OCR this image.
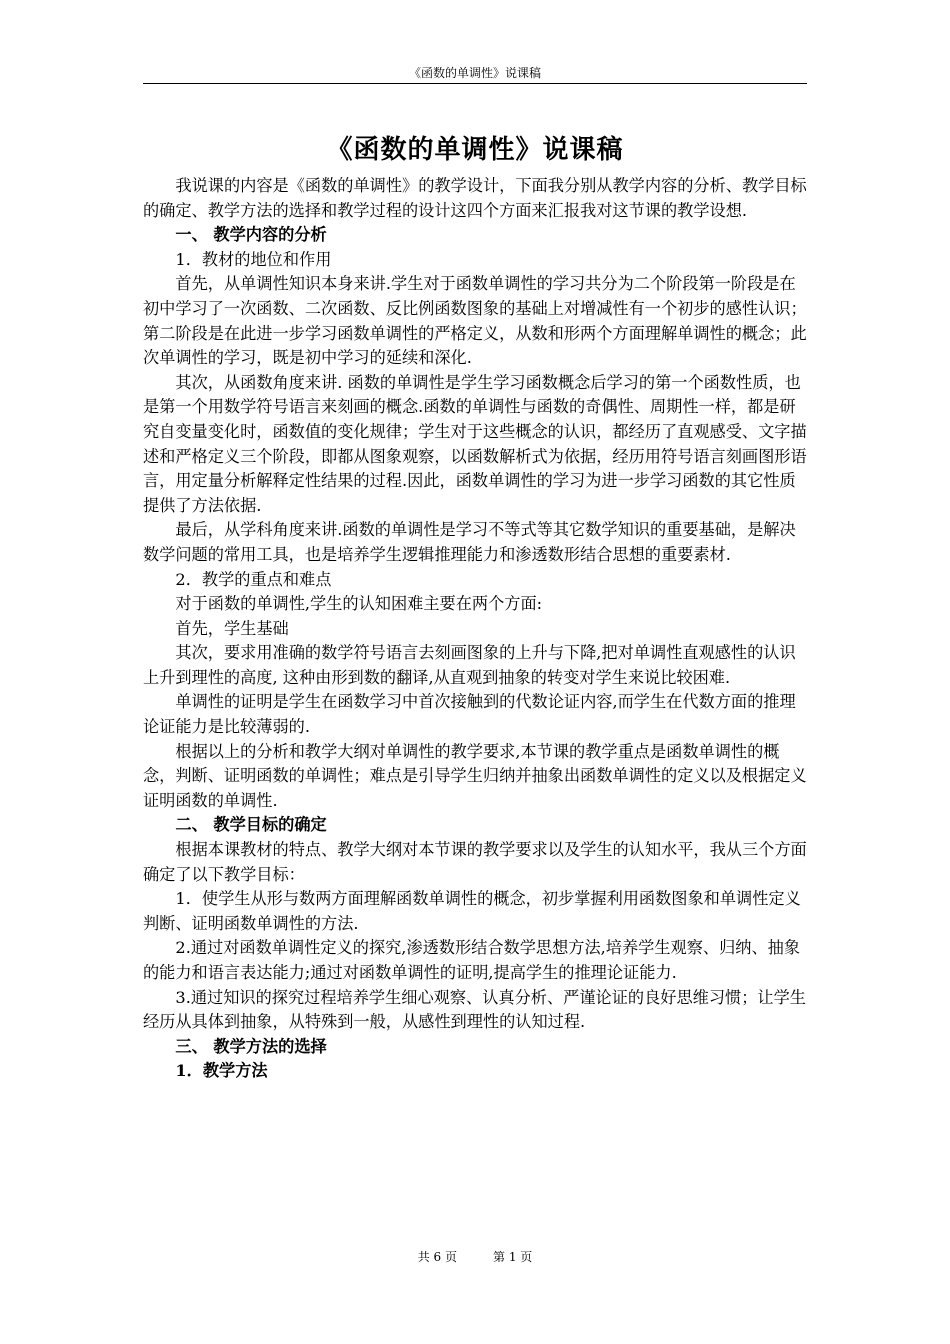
《函数的单调性》说课稿
《函数的单调性》说课稿

我说课的内容是《函数的单调性》的教学设计，下面我分别从教学内容的分析、教学目标的确定、教学方法的选择和教学过程的设计这四个方面来汇报我对这节课的教学设想.

一、 教学内容的分析

1．教材的地位和作用

首先，从单调性知识本身来讲.学生对于函数单调性的学习共分为二个阶段第一阶段是在初中学习了一次函数、二次函数、反比例函数图象的基础上对增减性有一个初步的感性认识；第二阶段是在此进一步学习函数单调性的严格定义，从数和形两个方面理解单调性的概念；此次单调性的学习，既是初中学习的延续和深化.

其次，从函数角度来讲. 函数的单调性是学生学习函数概念后学习的第一个函数性质，也是第一个用数学符号语言来刻画的概念.函数的单调性与函数的奇偶性、周期性一样，都是研究自变量变化时，函数值的变化规律；学生对于这些概念的认识，都经历了直观感受、文字描述和严格定义三个阶段，即都从图象观察，以函数解析式为依据，经历用符号语言刻画图形语言，用定量分析解释定性结果的过程.因此，函数单调性的学习为进一步学习函数的其它性质提供了方法依据.

最后，从学科角度来讲.函数的单调性是学习不等式等其它数学知识的重要基础，是解决数学问题的常用工具，也是培养学生逻辑推理能力和渗透数形结合思想的重要素材.

2．教学的重点和难点

对于函数的单调性,学生的认知困难主要在两个方面:

首先，学生基础

其次，要求用准确的数学符号语言去刻画图象的上升与下降,把对单调性直观感性的认识上升到理性的高度, 这种由形到数的翻译,从直观到抽象的转变对学生来说比较困难.

单调性的证明是学生在函数学习中首次接触到的代数论证内容,而学生在代数方面的推理论证能力是比较薄弱的.

根据以上的分析和教学大纲对单调性的教学要求,本节课的教学重点是函数单调性的概念，判断、证明函数的单调性；难点是引导学生归纳并抽象出函数单调性的定义以及根据定义证明函数的单调性.

二、 教学目标的确定

根据本课教材的特点、教学大纲对本节课的教学要求以及学生的认知水平，我从三个方面确定了以下教学目标：

1．使学生从形与数两方面理解函数单调性的概念，初步掌握利用函数图象和单调性定义判断、证明函数单调性的方法.

2.通过对函数单调性定义的探究,渗透数形结合数学思想方法,培养学生观察、归纳、抽象的能力和语言表达能力;通过对函数单调性的证明,提高学生的推理论证能力.

3.通过知识的探究过程培养学生细心观察、认真分析、严谨论证的良好思维习惯；让学生经历从具体到抽象，从特殊到一般，从感性到理性的认知过程.

三、 教学方法的选择

1．教学方法

共 6 页	第 1 页
